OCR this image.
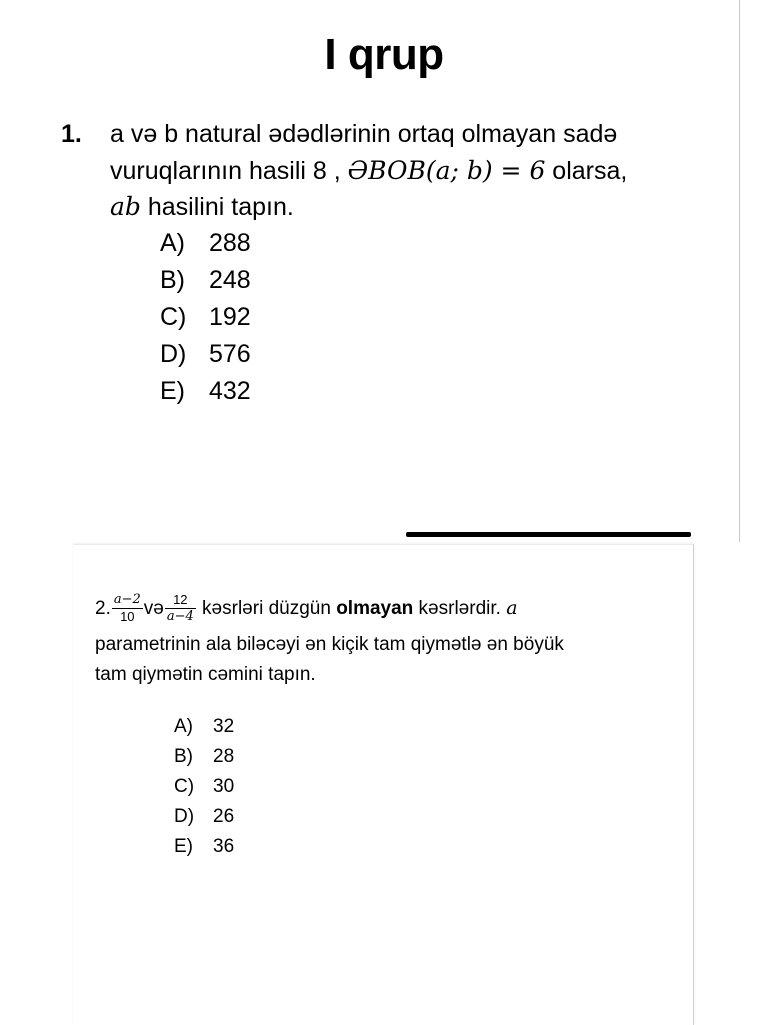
I qrup
1. a və b natural ədədlərinin ortaq olmayan sadə
vuruqlarının hasili 8 , ƏBOB(a; b) = 6 olarsa,
ab hasilini tapın.
A) 288
B) 248
C) 192
D) 576
E) 432
2. $\frac{a-2}{10}$ və $\frac{12}{a-4}$ kəsrləri düzgün olmayan kəsrlərdir. a
parametrinin ala biləcəyi ən kiçik tam qiymətlə ən böyük
tam qiymətin cəmini tapın.
A) 32
B) 28
C) 30
D) 26
E) 36
